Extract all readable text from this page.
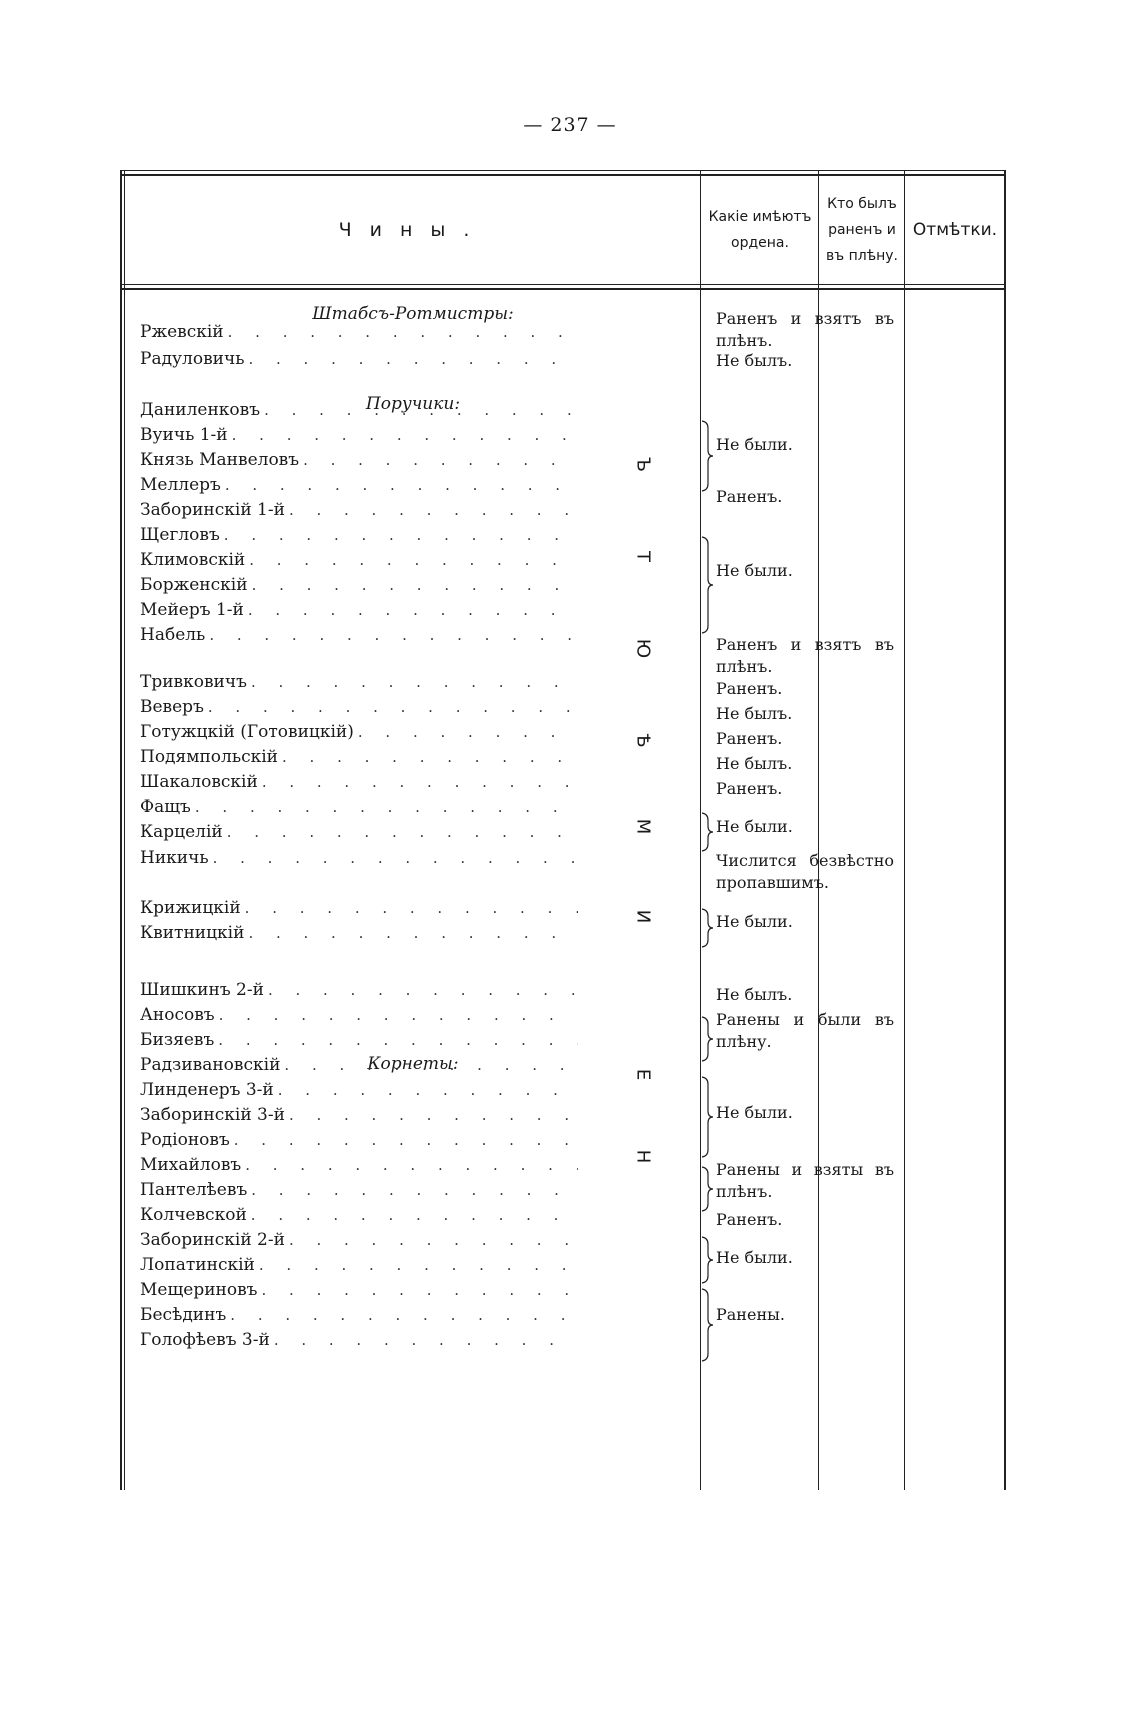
— 237 —
Чины.
Какіе имѣютъ ордена.
Кто былъ раненъ и въ плѣну.
Отмѣтки.
Штабсъ-Ротмистры:
Поручики:
Корнеты:
Ржевскій
. . .
Радуловичь
. . .
Даниленковъ
. . .
Вуичь 1-й
. . .
Князь Манвеловъ
. . .
Меллеръ
. . .
Заборинскій 1-й
. . .
Щегловъ
. . .
Климовскій
. . .
Борженскій
. . .
Мейеръ 1-й
. . .
Набель
. . .
Тривковичъ
. . .
Веверъ
. . .
Готужцкій (Готовицкій)
. . .
Подямпольскій
. . .
Шакаловскій
. . .
Фащъ
. . .
Карцелій
. . .
Никичь
. . .
Крижицкій
. . .
Квитницкій
. . .
Шишкинъ 2-й
. . .
Аносовъ
. . .
Бизяевъ
. . .
Радзивановскій
. . .
Линденеръ 3-й
. . .
Заборинскій 3-й
. . .
Родіоновъ
. . .
Михайловъ
. . .
Пантелѣевъ
. . .
Колчевской
. . .
Заборинскій 2-й
. . .
Лопатинскій
. . .
Мещериновъ
. . .
Бесѣдинъ
. . .
Голофѣевъ 3-й
. . .
Раненъ и взятъ въ плѣнъ.
Не былъ.
Не были.
Раненъ.
Не были.
Раненъ и взятъ въ плѣнъ.
Раненъ.
Не былъ.
Раненъ.
Не былъ.
Раненъ.
Не были.
Числится безвѣстно пропавшимъ.
Не были.
Не былъ.
Ранены и были въ плѣну.
Не были.
Ранены и взяты въ плѣнъ.
Раненъ.
Не были.
Ранены.
Н
Е
И
М
Ѣ
Ю
Т
Ъ
